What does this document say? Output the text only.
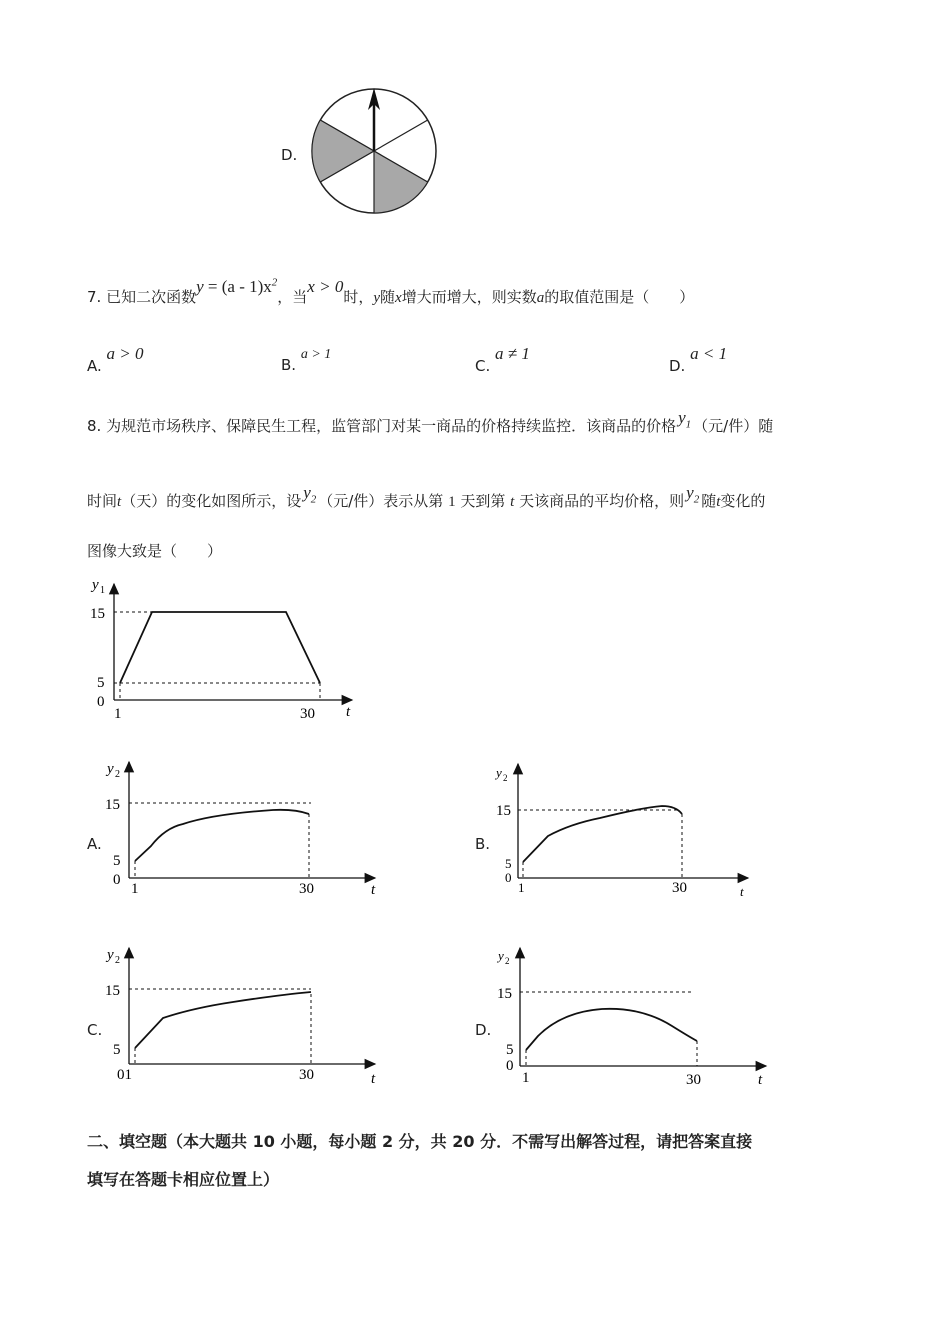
D.
7. 已知二次函数$y = (a - 1)x^2$，当x > 0时，y随x增大而增大，则实数a的取值范围是（　　）
A. a > 0
B. a > 1
C. a ≠ 1
D. a < 1
8. 为规范市场秩序、保障民生工程，监管部门对某一商品的价格持续监控．该商品的价格 $y_1$ （元/件）随
时间t（天）的变化如图所示，设 $y_2$ （元/件）表示从第 1 天到第 t 天该商品的平均价格，则 $y_2$ 随t变化的
图像大致是（　　）
y 1
15
5
0
1	30 t
A.
y 2
15
5
0
1	30	t
B.
y 2
15
5
0
1	30	t
C.
y 2
15
5
01	30	t
D.
y 2
15
5
0
1	30	t
二、填空题（本大题共 10 小题，每小题 2 分，共 20 分．不需写出解答过程，请把答案直接
填写在答题卡相应位置上）
